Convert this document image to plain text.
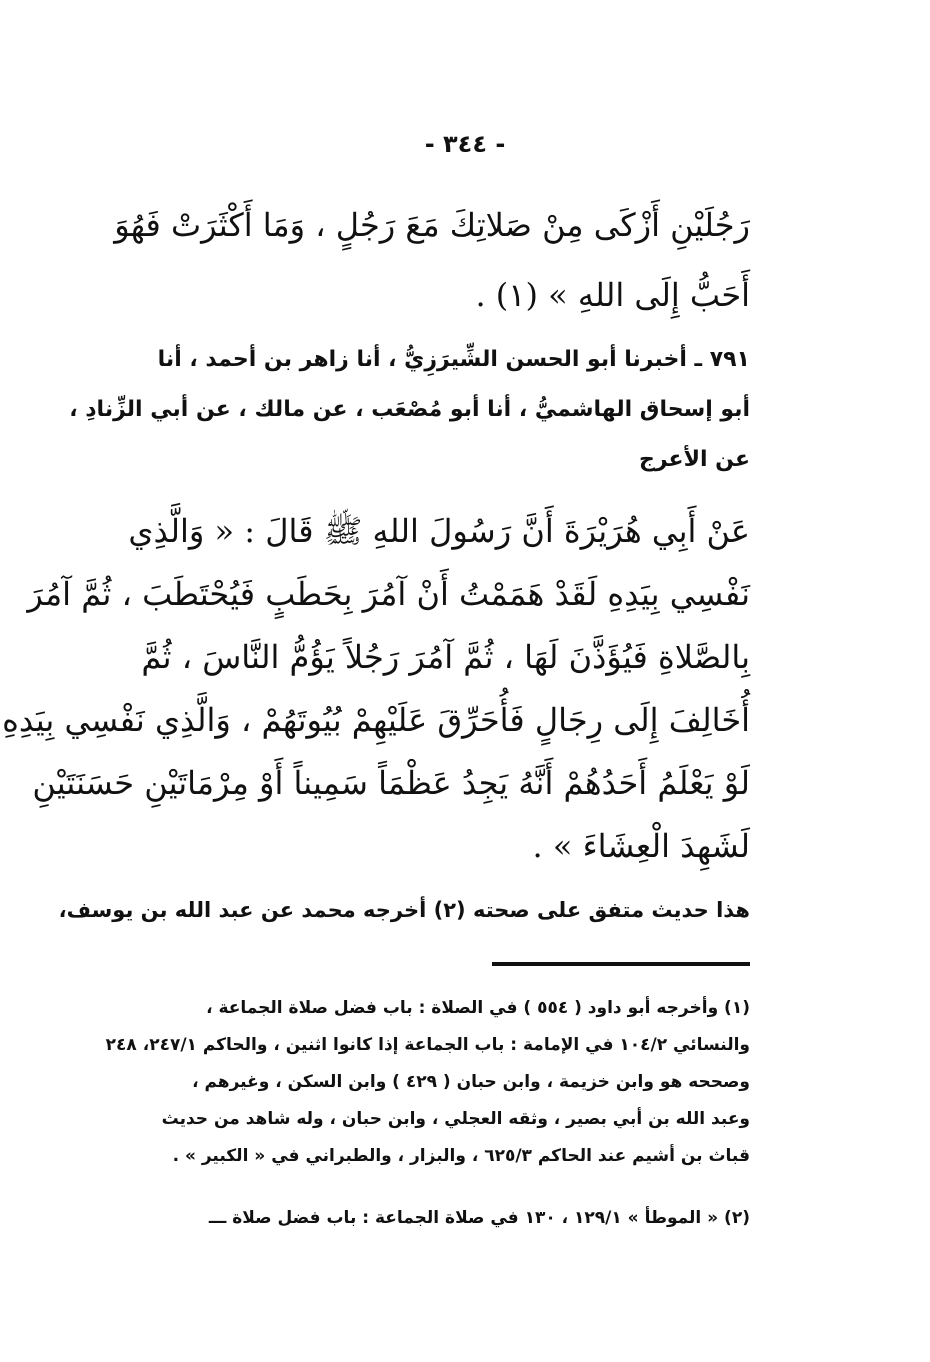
- ٣٤٤ -
رَجُلَيْنِ أَزْكَى مِنْ صَلاتِكَ مَعَ رَجُلٍ ، وَمَا أَكْثَرَتْ فَهُوَ
أَحَبُّ إِلَى اللهِ » (١) .
٧٩١ ـ أخبرنا أبو الحسن الشِّيرَزِيُّ ، أنا زاهر بن أحمد ، أنا
أبو إسحاق الهاشميُّ ، أنا أبو مُصْعَب ، عن مالك ، عن أبي الزِّنادِ ،
عن الأعرج
عَنْ أَبِي هُرَيْرَةَ أَنَّ رَسُولَ اللهِ ﷺ قَالَ : « وَالَّذِي
نَفْسِي بِيَدِهِ لَقَدْ هَمَمْتُ أَنْ آمُرَ بِحَطَبٍ فَيُحْتَطَبَ ، ثُمَّ آمُرَ
بِالصَّلاةِ فَيُؤَذَّنَ لَهَا ، ثُمَّ آمُرَ رَجُلاً يَؤُمُّ النَّاسَ ، ثُمَّ
أُخَالِفَ إِلَى رِجَالٍ فَأُحَرِّقَ عَلَيْهِمْ بُيُوتَهُمْ ، وَالَّذِي نَفْسِي بِيَدِهِ
لَوْ يَعْلَمُ أَحَدُهُمْ أَنَّهُ يَجِدُ عَظْمَاً سَمِيناً أَوْ مِرْمَاتَيْنِ حَسَنَتَيْنِ
لَشَهِدَ الْعِشَاءَ » .
هذا حديث متفق على صحته (٢) أخرجه محمد عن عبد الله بن يوسف،
(١) وأخرجه أبو داود ( ٥٥٤ ) في الصلاة : باب فضل صلاة الجماعة ،
والنسائي ١٠٤/٢ في الإمامة : باب الجماعة إذا كانوا اثنين ، والحاكم ٢٤٧/١، ٢٤٨
وصححه هو وابن خزيمة ، وابن حبان ( ٤٢٩ ) وابن السكن ، وغيرهم ،
وعبد الله بن أبي بصير ، وثقه العجلي ، وابن حبان ، وله شاهد من حديث
قباث بن أشيم عند الحاكم ٦٢٥/٣ ، والبزار ، والطبراني في « الكبير » .
(٢) « الموطأ » ١٢٩/١ ، ١٣٠ في صلاة الجماعة : باب فضل صلاة ـــ
